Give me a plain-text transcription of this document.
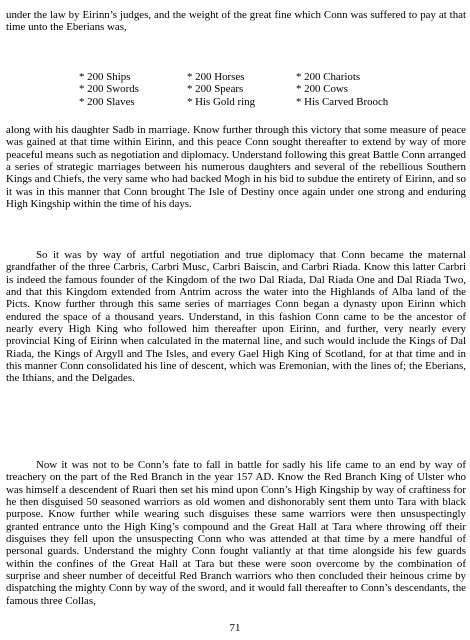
under the law by Eirinn’s judges, and the weight of the great fine which Conn was suffered to pay at that time unto the Eberians was,

* 200 Ships	* 200 Horses	* 200 Chariots
* 200 Swords	* 200 Spears	* 200 Cows
* 200 Slaves	* His Gold ring	* His Carved Brooch

along with his daughter Sadb in marriage. Know further through this victory that some measure of peace was gained at that time within Eirinn, and this peace Conn sought thereafter to extend by way of more peaceful means such as negotiation and diplomacy. Understand following this great Battle Conn arranged a series of strategic marriages between his numerous daughters and several of the rebellious Southern Kings and Chiefs, the very same who had backed Mogh in his bid to subdue the entirety of Eirinn, and so it was in this manner that Conn brought The Isle of Destiny once again under one strong and enduring High Kingship within the time of his days.

So it was by way of artful negotiation and true diplomacy that Conn became the maternal grandfather of the three Carbris, Carbri Musc, Carbri Baiscin, and Carbri Riada. Know this latter Carbri is indeed the famous founder of the Kingdom of the two Dal Riada, Dal Riada One and Dal Riada Two, and that this Kingdom extended from Antrim across the water into the Highlands of Alba land of the Picts. Know further through this same series of marriages Conn began a dynasty upon Eirinn which endured the space of a thousand years. Understand, in this fashion Conn came to be the ancestor of nearly every High King who followed him thereafter upon Eirinn, and further, very nearly every provincial King of Eirinn when calculated in the maternal line, and such would include the Kings of Dal Riada, the Kings of Argyll and The Isles, and every Gael High King of Scotland, for at that time and in this manner Conn consolidated his line of descent, which was Eremonian, with the lines of; the Eberians, the Ithians, and the Delgades.

Now it was not to be Conn’s fate to fall in battle for sadly his life came to an end by way of treachery on the part of the Red Branch in the year 157 AD. Know the Red Branch King of Ulster who was himself a descendent of Ruari then set his mind upon Conn’s High Kingship by way of craftiness for he then disguised 50 seasoned warriors as old women and dishonorably sent them unto Tara with black purpose. Know further while wearing such disguises these same warriors were then unsuspectingly granted entrance unto the High King’s compound and the Great Hall at Tara where throwing off their disguises they fell upon the unsuspecting Conn who was attended at that time by a mere handful of personal guards. Understand the mighty Conn fought valiantly at that time alongside his few guards within the confines of the Great Hall at Tara but these were soon overcome by the combination of surprise and sheer number of deceitful Red Branch warriors who then concluded their heinous crime by dispatching the mighty Conn by way of the sword, and it would fall thereafter to Conn’s descendants, the famous three Collas,

71
